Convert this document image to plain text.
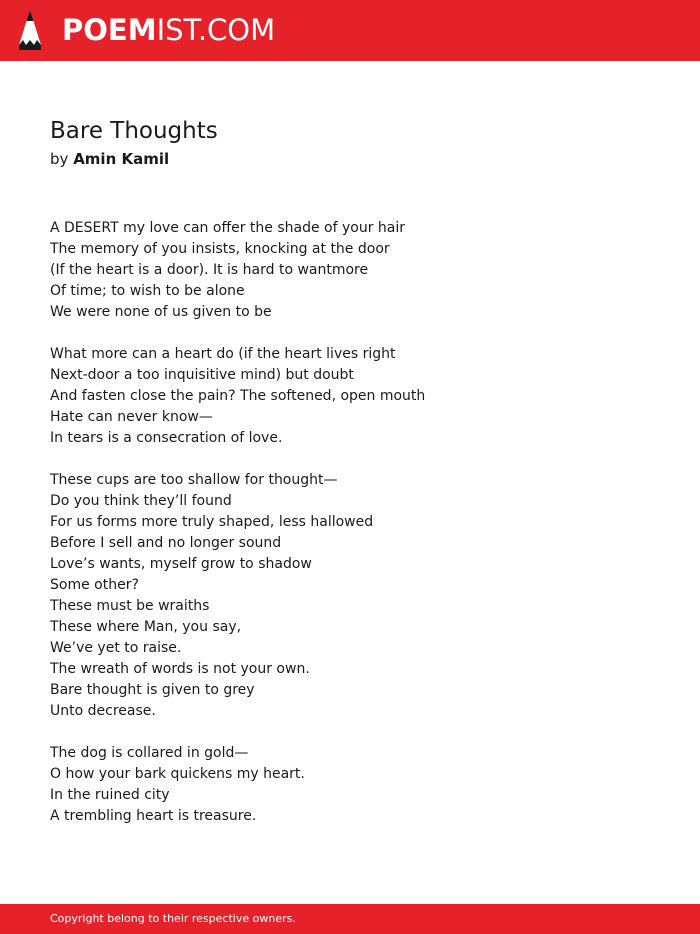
POEMIST.COM
Bare Thoughts
by Amin Kamil
A DESERT my love can offer the shade of your hair
The memory of you insists, knocking at the door
(If the heart is a door). It is hard to wantmore
Of time; to wish to be alone
We were none of us given to be
What more can a heart do (if the heart lives right
Next-door a too inquisitive mind) but doubt
And fasten close the pain? The softened, open mouth
Hate can never know—
In tears is a consecration of love.
These cups are too shallow for thought—
Do you think they’ll found
For us forms more truly shaped, less hallowed
Before I sell and no longer sound
Love’s wants, myself grow to shadow
Some other?
These must be wraiths
These where Man, you say,
We’ve yet to raise.
The wreath of words is not your own.
Bare thought is given to grey
Unto decrease.
The dog is collared in gold—
O how your bark quickens my heart.
In the ruined city
A trembling heart is treasure.
Copyright belong to their respective owners.
